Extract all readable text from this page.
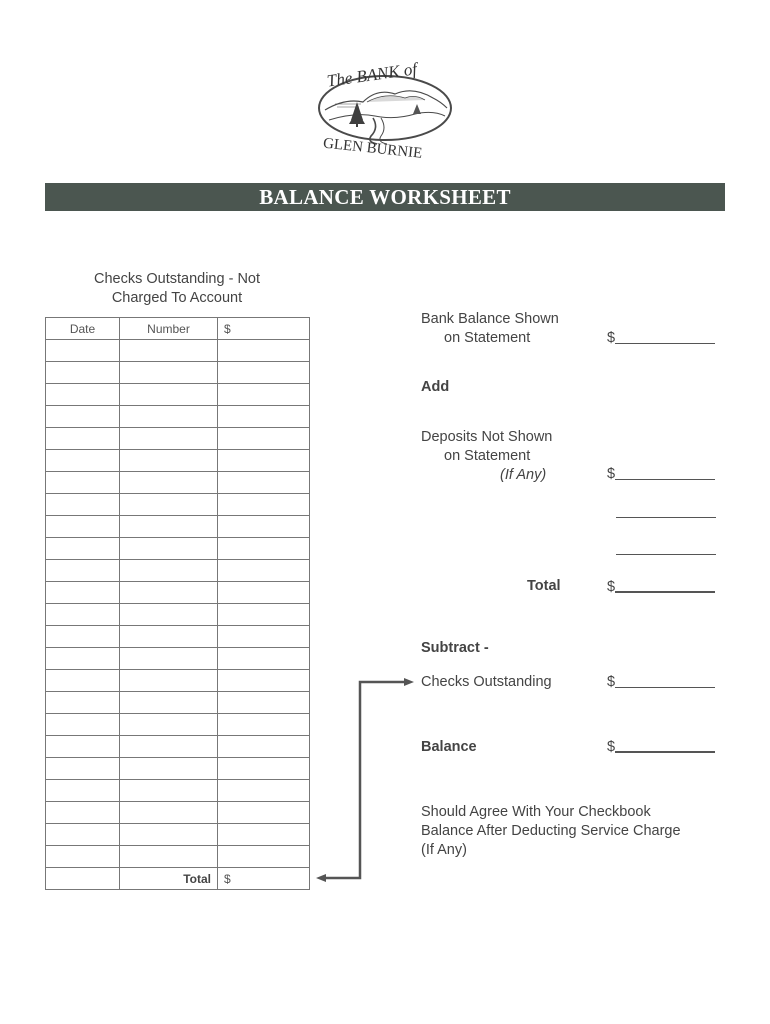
The BANK of
GLEN BURNIE
BALANCE WORKSHEET
Checks Outstanding - Not
Charged To Account
Date	Number	$

	Total	$
Bank Balance Shown
on Statement	$
Add
Deposits Not Shown
on Statement
(If Any)	$
Total	$
Subtract -
Checks Outstanding	$
Balance	$
Should Agree With Your Checkbook
Balance After Deducting Service Charge
(If Any)
